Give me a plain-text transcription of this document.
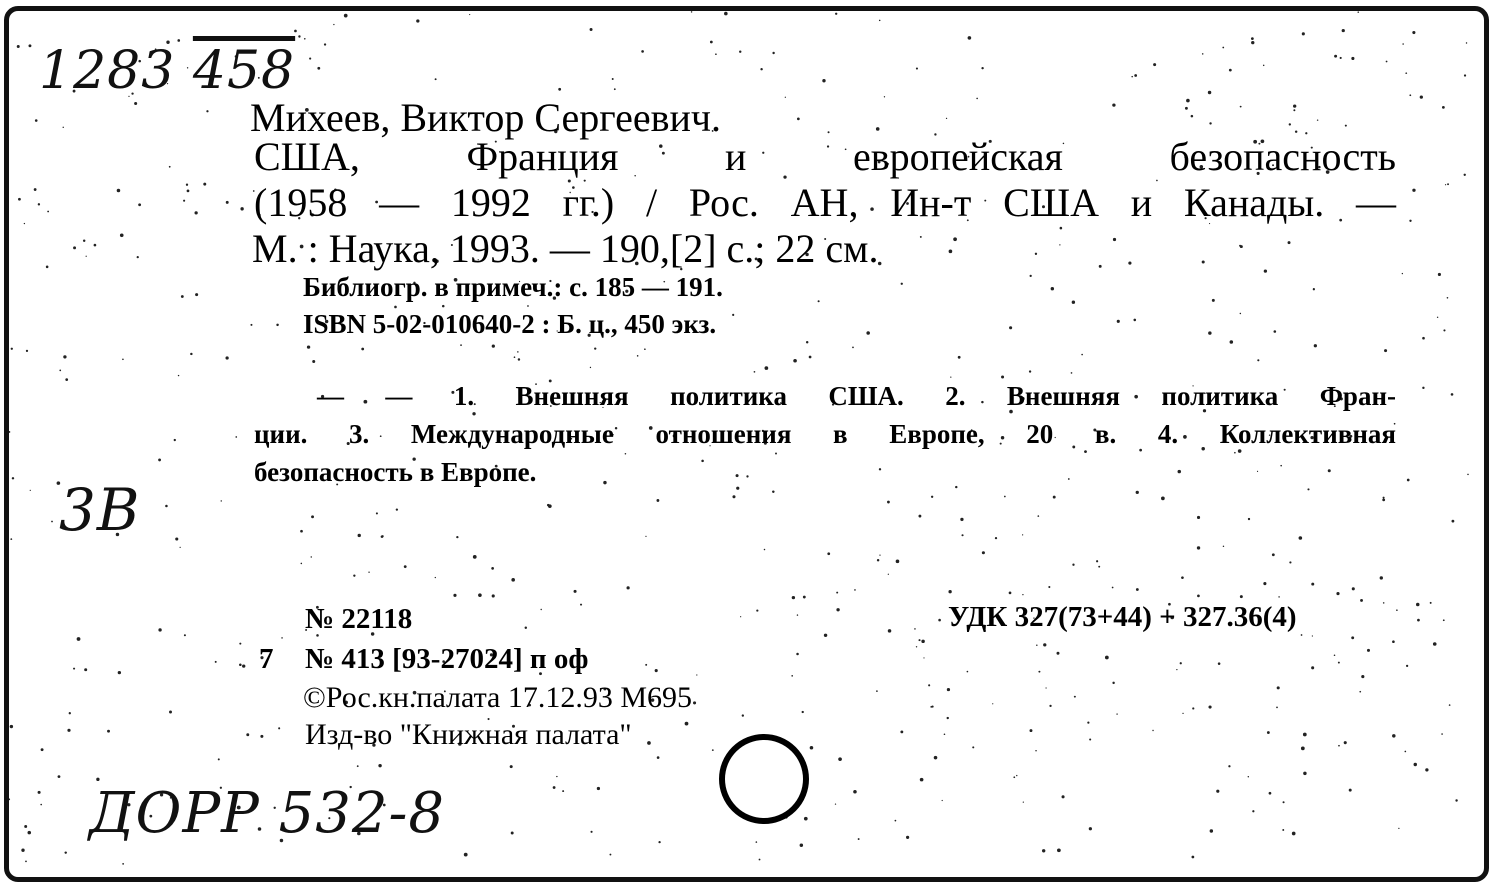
1283 458
Михеев, Виктор Сергеевич.
США,	Франция	и	европейская	безопасность
(1958 — 1992 гг.) / Рос. АН, Ин-т США и Канады. —
М. : Наука, 1993. — 190,[2] с.; 22 см.
Библиогр. в примеч.: с. 185 — 191.
ISBN 5-02-010640-2 : Б. ц., 450 экз.
— — 1. Внешняя политика США. 2. Внешняя политика Фран-
ции. 3. Международные отношения в Европе, 20 в. 4. Коллективная
безопасность в Европе.
3B
№ 22118	УДК 327(73+44) + 327.36(4)
7 № 413 [93-27024] п оф
©Рос.кн.палата 17.12.93 M695
Изд-во "Книжная палата"
ДОРР 532-8
